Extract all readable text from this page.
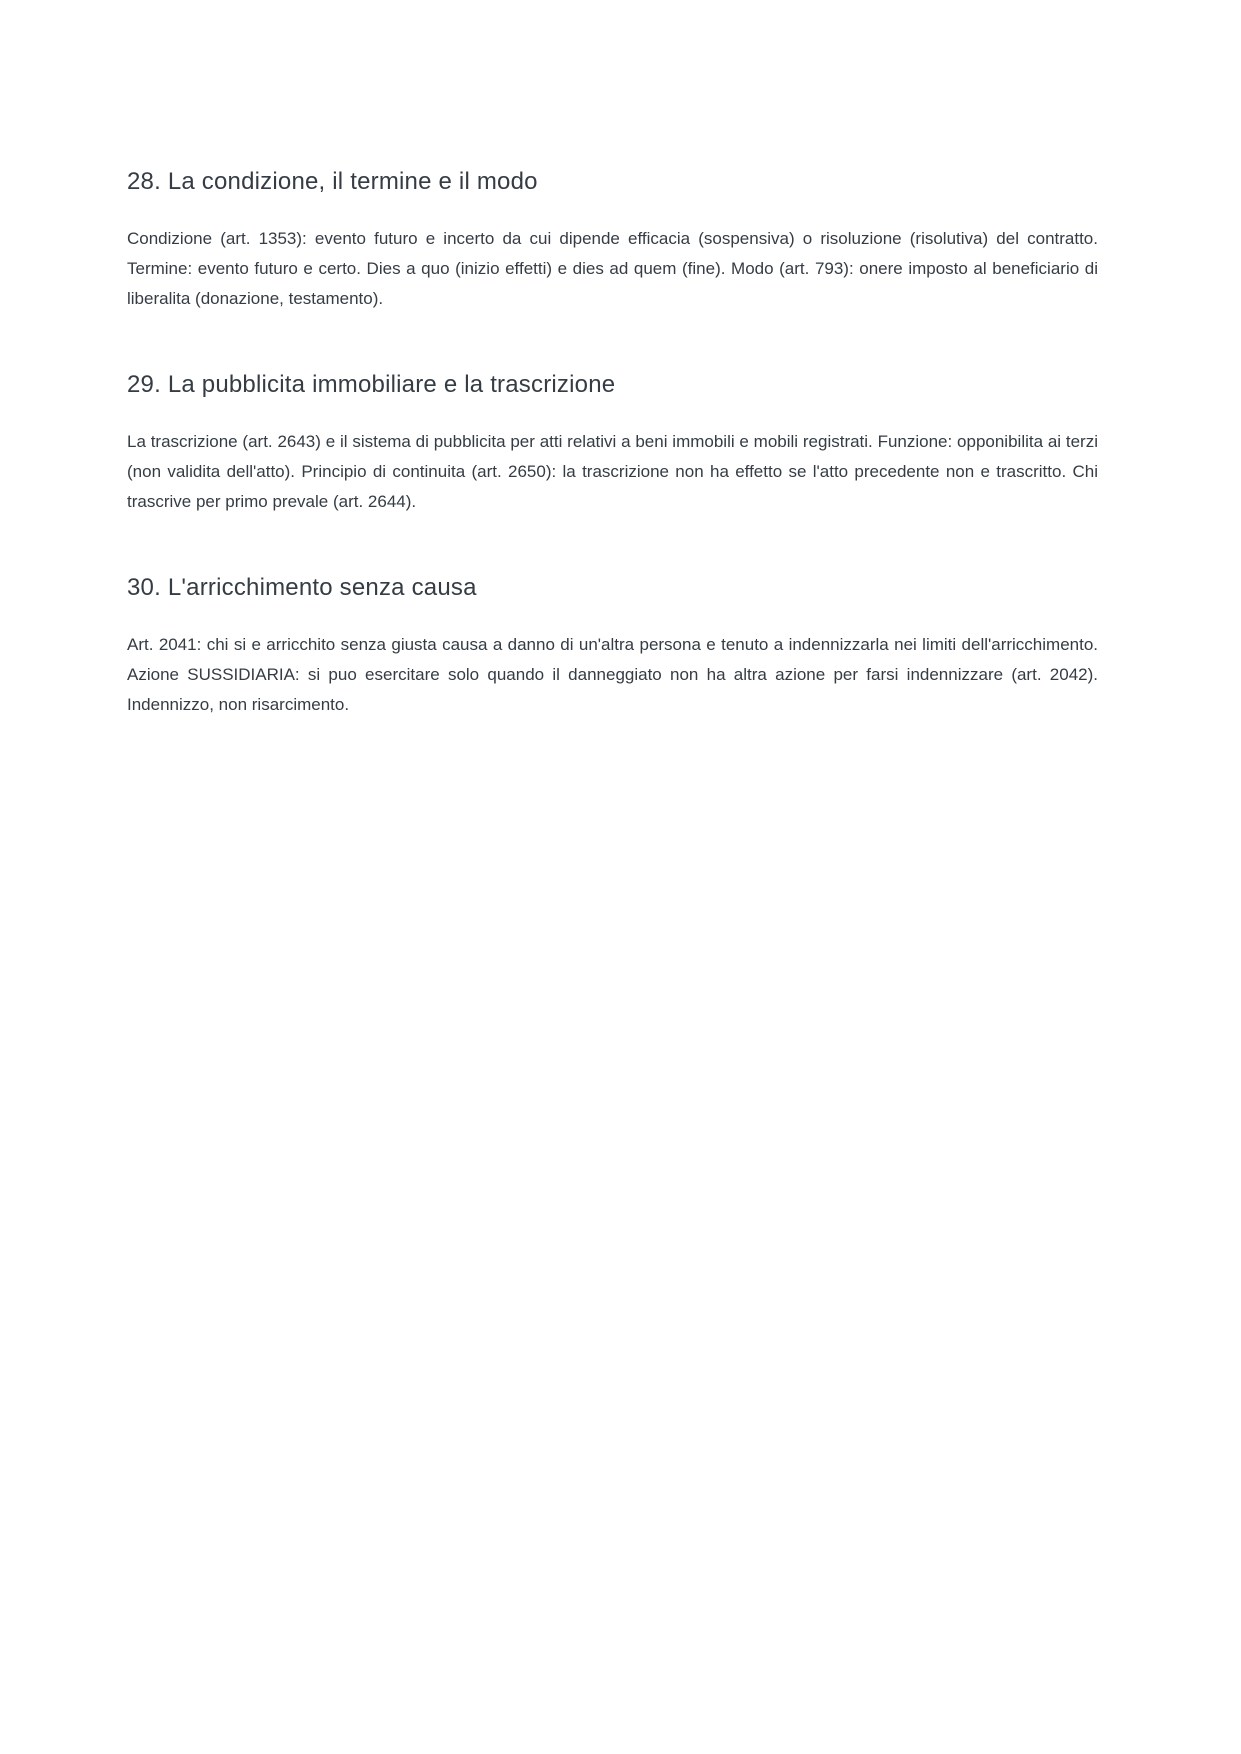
28. La condizione, il termine e il modo

Condizione (art. 1353): evento futuro e incerto da cui dipende efficacia (sospensiva) o risoluzione (risolutiva) del contratto. Termine: evento futuro e certo. Dies a quo (inizio effetti) e dies ad quem (fine). Modo (art. 793): onere imposto al beneficiario di liberalita (donazione, testamento).

29. La pubblicita immobiliare e la trascrizione

La trascrizione (art. 2643) e il sistema di pubblicita per atti relativi a beni immobili e mobili registrati. Funzione: opponibilita ai terzi (non validita dell'atto). Principio di continuita (art. 2650): la trascrizione non ha effetto se l'atto precedente non e trascritto. Chi trascrive per primo prevale (art. 2644).

30. L'arricchimento senza causa

Art. 2041: chi si e arricchito senza giusta causa a danno di un'altra persona e tenuto a indennizzarla nei limiti dell'arricchimento. Azione SUSSIDIARIA: si puo esercitare solo quando il danneggiato non ha altra azione per farsi indennizzare (art. 2042). Indennizzo, non risarcimento.
